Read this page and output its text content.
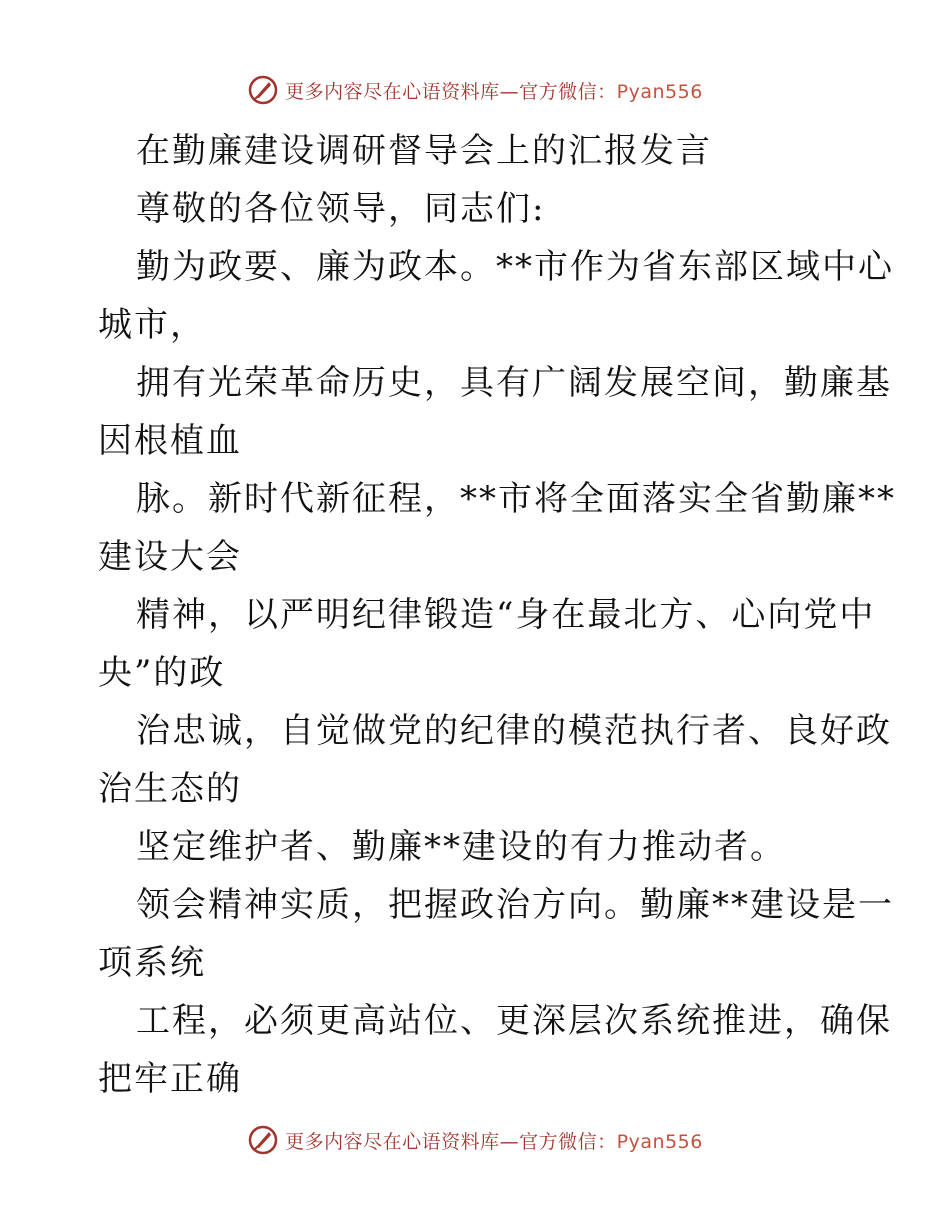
更多内容尽在心语资料库—官方微信：Pyan556
在勤廉建设调研督导会上的汇报发言
尊敬的各位领导，同志们:
勤为政要、廉为政本。**市作为省东部区域中心
城市，
拥有光荣革命历史，具有广阔发展空间，勤廉基
因根植血
脉。新时代新征程，**市将全面落实全省勤廉**
建设大会
精神，以严明纪律锻造“身在最北方、心向党中
央”的政
治忠诚，自觉做党的纪律的模范执行者、良好政
治生态的
坚定维护者、勤廉**建设的有力推动者。
领会精神实质，把握政治方向。勤廉**建设是一
项系统
工程，必须更高站位、更深层次系统推进，确保
把牢正确
更多内容尽在心语资料库—官方微信：Pyan556
